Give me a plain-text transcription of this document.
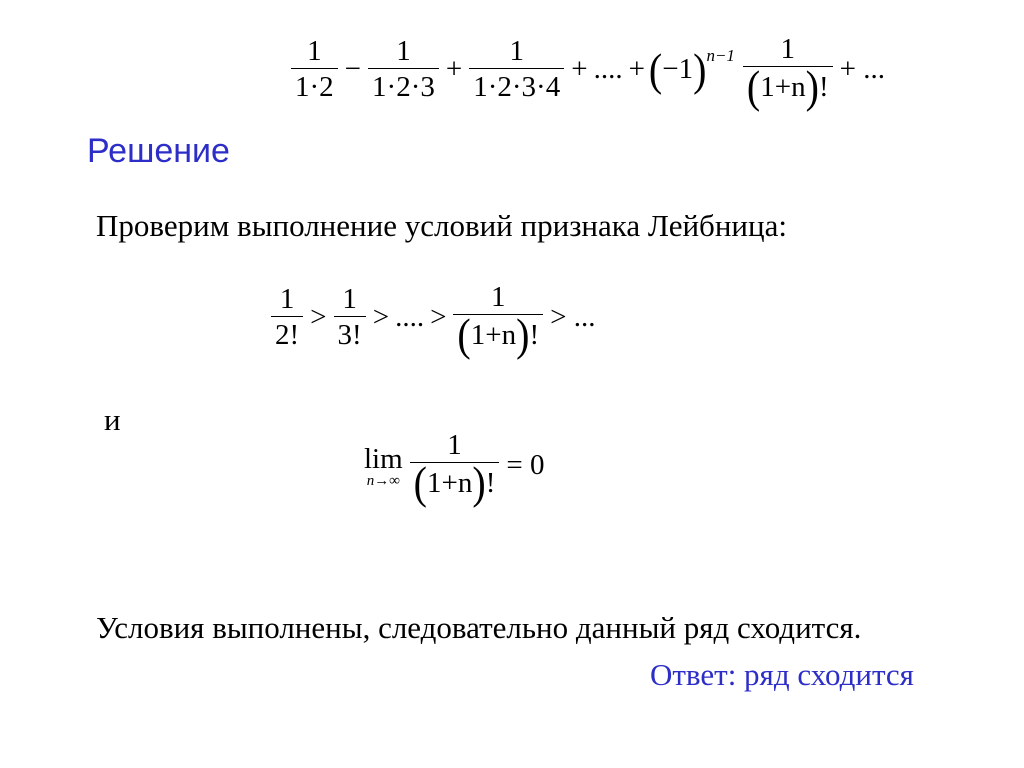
$\frac{1}{1\cdot 2} - \frac{1}{1\cdot 2\cdot 3} + \frac{1}{1\cdot 2\cdot 3\cdot 4}$ + .... + ( −1 )$^{n-1} \frac{1}{( 1+n ) !}$ + ...
Решение
Проверим выполнение условий признака Лейбница:
$\frac{1}{2!} > \frac{1}{3!}$ > .... > $\frac{1}{( 1+n ) !}$ > ...
и
lim
$n\to\infty \frac{1}{( 1+n ) !} = 0$
Условия выполнены, следовательно данный ряд сходится.
Ответ: ряд сходится
